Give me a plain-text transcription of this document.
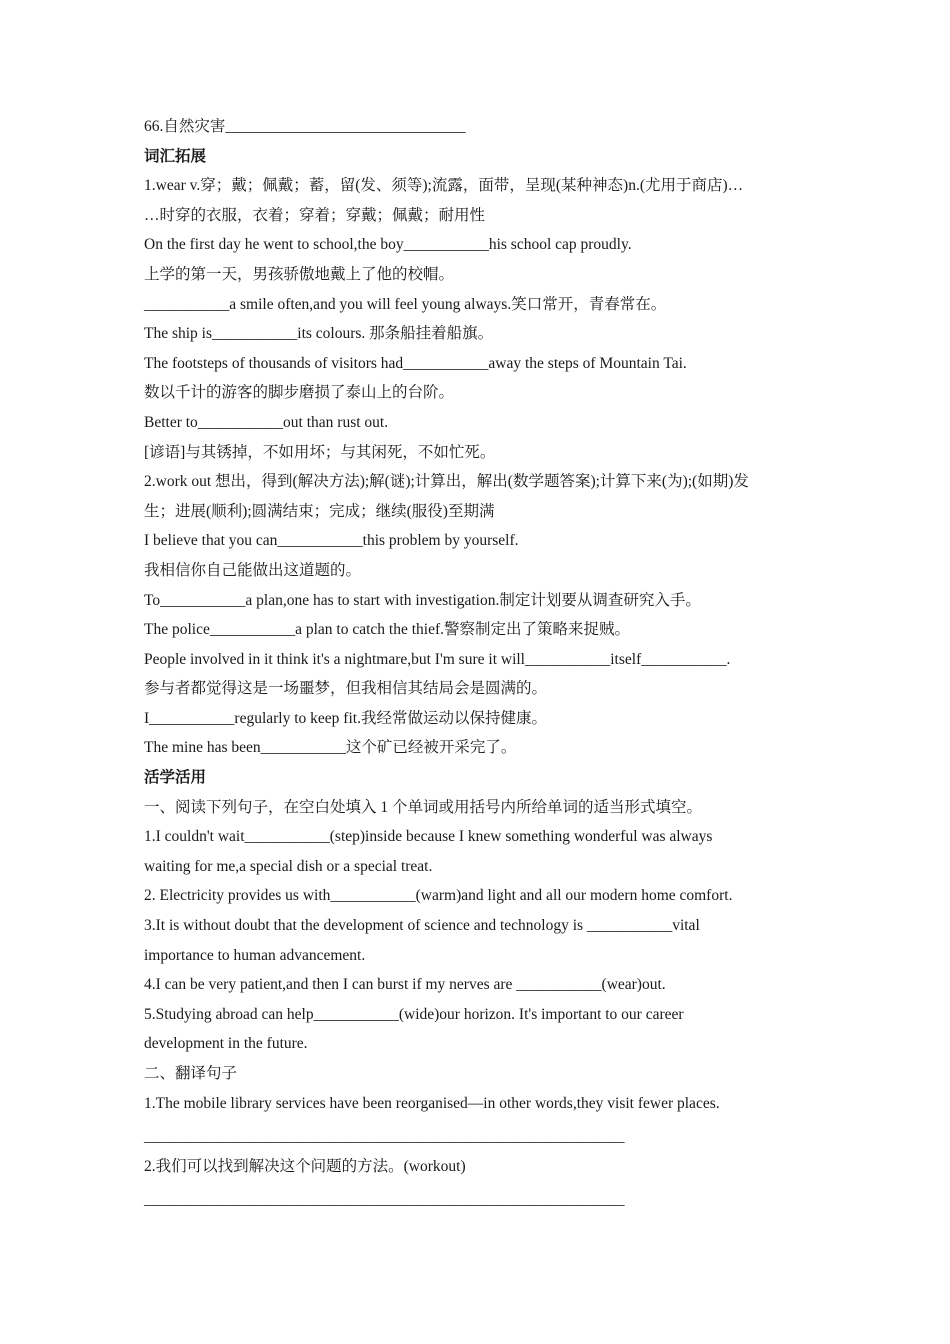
66.自然灾害_______________________________
词汇拓展
1.wear v.穿；戴；佩戴；蓄，留(发、须等);流露，面带，呈现(某种神态)n.(尤用于商店)…
…时穿的衣服，衣着；穿着；穿戴；佩戴；耐用性
On the first day he went to school,the boy___________his school cap proudly.
上学的第一天，男孩骄傲地戴上了他的校帽。
___________a smile often,and you will feel young always.笑口常开，青春常在。
The ship is___________its colours. 那条船挂着船旗。
The footsteps of thousands of visitors had___________away the steps of Mountain Tai.
数以千计的游客的脚步磨损了泰山上的台阶。
Better to___________out than rust out.
[谚语]与其锈掉，不如用坏；与其闲死，不如忙死。
2.work out 想出，得到(解决方法);解(谜);计算出，解出(数学题答案);计算下来(为);(如期)发
生；进展(顺利);圆满结束；完成；继续(服役)至期满
I believe that you can___________this problem by yourself.
我相信你自己能做出这道题的。
To___________a plan,one has to start with investigation.制定计划要从调查研究入手。
The police___________a plan to catch the thief.警察制定出了策略来捉贼。
People involved in it think it's a nightmare,but I'm sure it will___________itself___________.
参与者都觉得这是一场噩梦，但我相信其结局会是圆满的。
I___________regularly to keep fit.我经常做运动以保持健康。
The mine has been___________这个矿已经被开采完了。
活学活用
一、阅读下列句子，在空白处填入 1 个单词或用括号内所给单词的适当形式填空。
1.I couldn't wait___________(step)inside because I knew something wonderful was always
waiting for me,a special dish or a special treat.
2. Electricity provides us with___________(warm)and light and all our modern home comfort.
3.It is without doubt that the development of science and technology is ___________vital
importance to human advancement.
4.I can be very patient,and then I can burst if my nerves are ___________(wear)out.
5.Studying abroad can help___________(wide)our horizon. It's important to our career
development in the future.
二、翻译句子
1.The mobile library services have been reorganised—in other words,they visit fewer places.
______________________________________________________________
2.我们可以找到解决这个问题的方法。(workout)
______________________________________________________________
